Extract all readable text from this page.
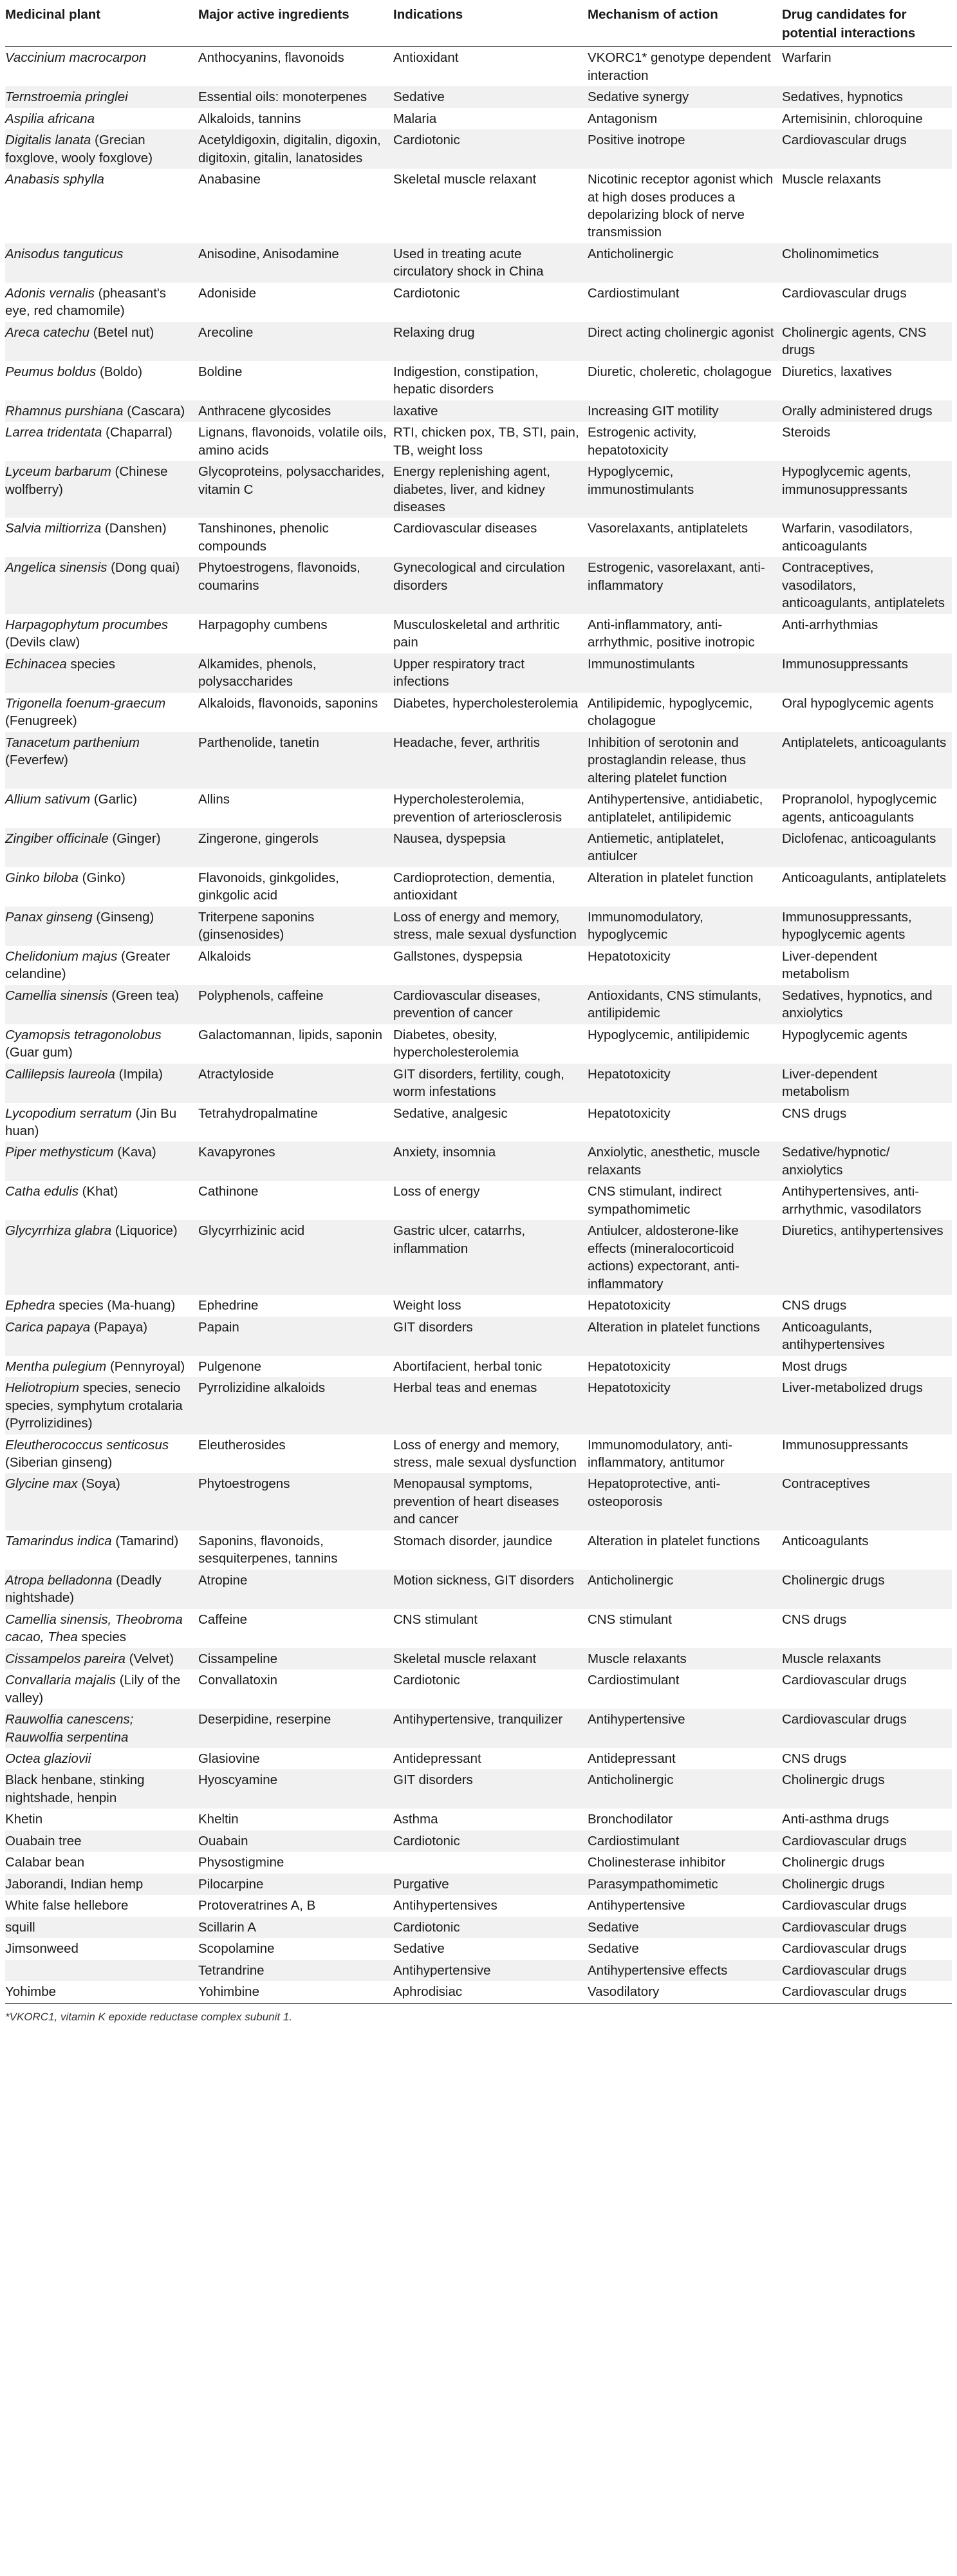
Medicinal plant	Major active ingredients	Indications	Mechanism of action	Drug candidates for potential interactions
Vaccinium macrocarpon	Anthocyanins, flavonoids	Antioxidant	VKORC1* genotype dependent interaction	Warfarin
Ternstroemia pringlei	Essential oils: monoterpenes	Sedative	Sedative synergy	Sedatives, hypnotics
Aspilia africana	Alkaloids, tannins	Malaria	Antagonism	Artemisinin, chloroquine
Digitalis lanata (Grecian foxglove, wooly foxglove)	Acetyldigoxin, digitalin, digoxin, digitoxin, gitalin, lanatosides	Cardiotonic	Positive inotrope	Cardiovascular drugs
Anabasis sphylla	Anabasine	Skeletal muscle relaxant	Nicotinic receptor agonist which at high doses produces a depolarizing block of nerve transmission	Muscle relaxants
Anisodus tanguticus	Anisodine, Anisodamine	Used in treating acute circulatory shock in China	Anticholinergic	Cholinomimetics
Adonis vernalis (pheasant's eye, red chamomile)	Adoniside	Cardiotonic	Cardiostimulant	Cardiovascular drugs
Areca catechu (Betel nut)	Arecoline	Relaxing drug	Direct acting cholinergic agonist	Cholinergic agents, CNS drugs
Peumus boldus (Boldo)	Boldine	Indigestion, constipation, hepatic disorders	Diuretic, choleretic, cholagogue	Diuretics, laxatives
Rhamnus purshiana (Cascara)	Anthracene glycosides	laxative	Increasing GIT motility	Orally administered drugs
Larrea tridentata (Chaparral)	Lignans, flavonoids, volatile oils, amino acids	RTI, chicken pox, TB, STI, pain, TB, weight loss	Estrogenic activity, hepatotoxicity	Steroids
Lyceum barbarum (Chinese wolfberry)	Glycoproteins, polysaccharides, vitamin C	Energy replenishing agent, diabetes, liver, and kidney diseases	Hypoglycemic, immunostimulants	Hypoglycemic agents, immunosuppressants
Salvia miltiorriza (Danshen)	Tanshinones, phenolic compounds	Cardiovascular diseases	Vasorelaxants, antiplatelets	Warfarin, vasodilators, anticoagulants
Angelica sinensis (Dong quai)	Phytoestrogens, flavonoids, coumarins	Gynecological and circulation disorders	Estrogenic, vasorelaxant, anti-inflammatory	Contraceptives, vasodilators, anticoagulants, antiplatelets
Harpagophytum procumbes (Devils claw)	Harpagophy cumbens	Musculoskeletal and arthritic pain	Anti-inflammatory, anti-arrhythmic, positive inotropic	Anti-arrhythmias
Echinacea species	Alkamides, phenols, polysaccharides	Upper respiratory tract infections	Immunostimulants	Immunosuppressants
Trigonella foenum-graecum (Fenugreek)	Alkaloids, flavonoids, saponins	Diabetes, hypercholesterolemia	Antilipidemic, hypoglycemic, cholagogue	Oral hypoglycemic agents
Tanacetum parthenium (Feverfew)	Parthenolide, tanetin	Headache, fever, arthritis	Inhibition of serotonin and prostaglandin release, thus altering platelet function	Antiplatelets, anticoagulants
Allium sativum (Garlic)	Allins	Hypercholesterolemia, prevention of arteriosclerosis	Antihypertensive, antidiabetic, antiplatelet, antilipidemic	Propranolol, hypoglycemic agents, anticoagulants
Zingiber officinale (Ginger)	Zingerone, gingerols	Nausea, dyspepsia	Antiemetic, antiplatelet, antiulcer	Diclofenac, anticoagulants
Ginko biloba (Ginko)	Flavonoids, ginkgolides, ginkgolic acid	Cardioprotection, dementia, antioxidant	Alteration in platelet function	Anticoagulants, antiplatelets
Panax ginseng (Ginseng)	Triterpene saponins (ginsenosides)	Loss of energy and memory, stress, male sexual dysfunction	Immunomodulatory, hypoglycemic	Immunosuppressants, hypoglycemic agents
Chelidonium majus (Greater celandine)	Alkaloids	Gallstones, dyspepsia	Hepatotoxicity	Liver-dependent metabolism
Camellia sinensis (Green tea)	Polyphenols, caffeine	Cardiovascular diseases, prevention of cancer	Antioxidants, CNS stimulants, antilipidemic	Sedatives, hypnotics, and anxiolytics
Cyamopsis tetragonolobus (Guar gum)	Galactomannan, lipids, saponin	Diabetes, obesity, hypercholesterolemia	Hypoglycemic, antilipidemic	Hypoglycemic agents
Callilepsis laureola (Impila)	Atractyloside	GIT disorders, fertility, cough, worm infestations	Hepatotoxicity	Liver-dependent metabolism
Lycopodium serratum (Jin Bu huan)	Tetrahydropalmatine	Sedative, analgesic	Hepatotoxicity	CNS drugs
Piper methysticum (Kava)	Kavapyrones	Anxiety, insomnia	Anxiolytic, anesthetic, muscle relaxants	Sedative/hypnotic/ anxiolytics
Catha edulis (Khat)	Cathinone	Loss of energy	CNS stimulant, indirect sympathomimetic	Antihypertensives, anti-arrhythmic, vasodilators
Glycyrrhiza glabra (Liquorice)	Glycyrrhizinic acid	Gastric ulcer, catarrhs, inflammation	Antiulcer, aldosterone-like effects (mineralocorticoid actions) expectorant, anti-inflammatory	Diuretics, antihypertensives
Ephedra species (Ma-huang)	Ephedrine	Weight loss	Hepatotoxicity	CNS drugs
Carica papaya (Papaya)	Papain	GIT disorders	Alteration in platelet functions	Anticoagulants, antihypertensives
Mentha pulegium (Pennyroyal)	Pulgenone	Abortifacient, herbal tonic	Hepatotoxicity	Most drugs
Heliotropium species, senecio species, symphytum crotalaria (Pyrrolizidines)	Pyrrolizidine alkaloids	Herbal teas and enemas	Hepatotoxicity	Liver-metabolized drugs
Eleutherococcus senticosus (Siberian ginseng)	Eleutherosides	Loss of energy and memory, stress, male sexual dysfunction	Immunomodulatory, anti-inflammatory, antitumor	Immunosuppressants
Glycine max (Soya)	Phytoestrogens	Menopausal symptoms, prevention of heart diseases and cancer	Hepatoprotective, anti-osteoporosis	Contraceptives
Tamarindus indica (Tamarind)	Saponins, flavonoids, sesquiterpenes, tannins	Stomach disorder, jaundice	Alteration in platelet functions	Anticoagulants
Atropa belladonna (Deadly nightshade)	Atropine	Motion sickness, GIT disorders	Anticholinergic	Cholinergic drugs
Camellia sinensis, Theobroma cacao, Thea species	Caffeine	CNS stimulant	CNS stimulant	CNS drugs
Cissampelos pareira (Velvet)	Cissampeline	Skeletal muscle relaxant	Muscle relaxants	Muscle relaxants
Convallaria majalis (Lily of the valley)	Convallatoxin	Cardiotonic	Cardiostimulant	Cardiovascular drugs
Rauwolfia canescens; Rauwolfia serpentina	Deserpidine, reserpine	Antihypertensive, tranquilizer	Antihypertensive	Cardiovascular drugs
Octea glaziovii	Glasiovine	Antidepressant	Antidepressant	CNS drugs
Black henbane, stinking nightshade, henpin	Hyoscyamine	GIT disorders	Anticholinergic	Cholinergic drugs
Khetin	Kheltin	Asthma	Bronchodilator	Anti-asthma drugs
Ouabain tree	Ouabain	Cardiotonic	Cardiostimulant	Cardiovascular drugs
Calabar bean	Physostigmine		Cholinesterase inhibitor	Cholinergic drugs
Jaborandi, Indian hemp	Pilocarpine	Purgative	Parasympathomimetic	Cholinergic drugs
White false hellebore	Protoveratrines A, B	Antihypertensives	Antihypertensive	Cardiovascular drugs
squill	Scillarin A	Cardiotonic	Sedative	Cardiovascular drugs
Jimsonweed	Scopolamine	Sedative	Sedative	Cardiovascular drugs
	Tetrandrine	Antihypertensive	Antihypertensive effects	Cardiovascular drugs
Yohimbe	Yohimbine	Aphrodisiac	Vasodilatory	Cardiovascular drugs
*VKORC1, vitamin K epoxide reductase complex subunit 1.
